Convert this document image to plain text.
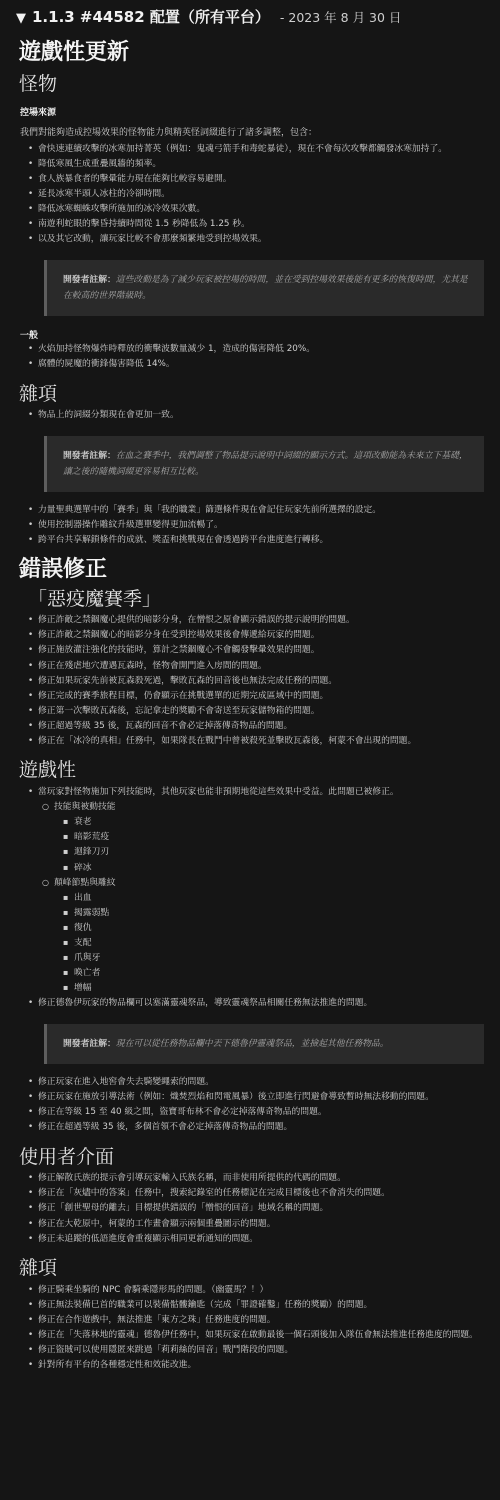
▼ 1.1.3 #44582 配置（所有平台） - 2023 年 8 月 30 日
遊戲性更新
怪物
控場來源
我們對能夠造成控場效果的怪物能力與精英怪詞綴進行了諸多調整，包含：
• 會快速連續攻擊的冰寒加持菁英（例如：鬼魂弓箭手和毒蛇暴徒），現在不會每次攻擊都觸發冰寒加持了。
• 降低寒風生成重疊風牆的頻率。
• 食人族暴食者的擊暈能力現在能夠比較容易避開。
• 延長冰寒半頭人冰柱的冷卻時間。
• 降低冰寒蜘蛛攻擊所施加的冰冷效果次數。
• 南遊利蛇眼的擊昏持續時間從 1.5 秒降低為 1.25 秒。
• 以及其它改動，讓玩家比較不會那麼頻繁地受到控場效果。
開發者註解：這些改動是為了減少玩家被控場的時間，並在受到控場效果後能有更多的恢復時間，尤其是在較高的世界階級時。
一般
• 火焰加持怪物爆炸時釋放的衝擊波數量減少 1，造成的傷害降低 20%。
• 腐體的屍魔的衝鋒傷害降低 14%。
雜項
• 物品上的詞綴分類現在會更加一致。
開發者註解：在血之賽季中，我們調整了物品提示說明中詞綴的顯示方式。這項改動能為未來立下基礎，讓之後的隨機詞綴更容易相互比較。
• 力量聖典選單中的「賽季」與「我的職業」篩選條件現在會記住玩家先前所選擇的設定。
• 使用控制器操作雕紋升級選單變得更加流暢了。
• 跨平台共享解鎖條件的成就、獎盃和挑戰現在會透過跨平台進度進行轉移。
錯誤修正
「惡疫魔賽季」
• 修正詐敵之禁錮魔心提供的暗影分身，在憎恨之原會顯示錯誤的提示說明的問題。
• 修正詐敵之禁錮魔心的暗影分身在受到控場效果後會傳遞給玩家的問題。
• 修正施放灌注強化的技能時，算計之禁錮魔心不會觸發擊暈效果的問題。
• 修正在殘虐地穴遭遇瓦森時，怪物會開門進入房間的問題。
• 修正如果玩家先前被瓦森殺死過，擊敗瓦森的回音後也無法完成任務的問題。
• 修正完成的賽季旅程目標，仍會顯示在挑戰選單的近期完成區域中的問題。
• 修正第一次擊敗瓦森後，忘記拿走的獎勵不會寄送至玩家儲物箱的問題。
• 修正超過等級 35 後，瓦森的回音不會必定掉落傳奇物品的問題。
• 修正在「冰冷的真相」任務中，如果隊長在戰鬥中曾被殺死並擊敗瓦森後，柯蒙不會出現的問題。
遊戲性
• 當玩家對怪物施加下列技能時，其他玩家也能非預期地從這些效果中受益。此問題已被修正。
○ 技能與被動技能
▪ 衰老
▪ 暗影荒疫
▪ 迴鋒刀刃
▪ 碎冰
○ 顛峰節點與雕紋
▪ 出血
▪ 揭露弱點
▪ 復仇
▪ 支配
▪ 爪與牙
▪ 喚亡者
▪ 增幅
• 修正德魯伊玩家的物品欄可以塞滿靈魂祭品，導致靈魂祭品相關任務無法推進的問題。
開發者註解：現在可以從任務物品欄中丟下德魯伊靈魂祭品，並撿起其他任務物品。
• 修正玩家在進入地窖會失去騎變繩索的問題。
• 修正玩家在施放引導法術（例如：熾焚烈焰和閃電風暴）後立即進行閃避會導致暫時無法移動的問題。
• 修正在等級 15 至 40 級之間，盜寶哥布林不會必定掉落傳奇物品的問題。
• 修正在超過等級 35 後，多個首領不會必定掉落傳奇物品的問題。
使用者介面
• 修正解散氏族的提示會引導玩家輸入氏族名稱，而非使用所提供的代碼的問題。
• 修正在「灰燼中的答案」任務中，搜索紀錄室的任務標記在完成目標後也不會消失的問題。
• 修正「創世聖母的離去」目標提供錯誤的「憎恨的回音」地域名稱的問題。
• 修正在大乾原中，柯蒙的工作畫會顯示兩個重疊圖示的問題。
• 修正未追蹤的低語進度會重複顯示相同更新通知的問題。
雜項
• 修正騎乘坐騎的 NPC 會騎乘隱形馬的問題。（幽靈馬？！）
• 修正無法裝備巳首的職業可以裝備骷髏鑰匙（完成「罪證確鑿」任務的獎勵）的問題。
• 修正在合作遊戲中，無法推進「東方之珠」任務進度的問題。
• 修正在「失落林地的靈魂」德魯伊任務中，如果玩家在啟動最後一個石頭後加入隊伍會無法推進任務進度的問題。
• 修正盜賊可以使用隱匿來跳過「莉莉絲的回音」戰鬥階段的問題。
• 針對所有平台的各種穩定性和效能改進。
